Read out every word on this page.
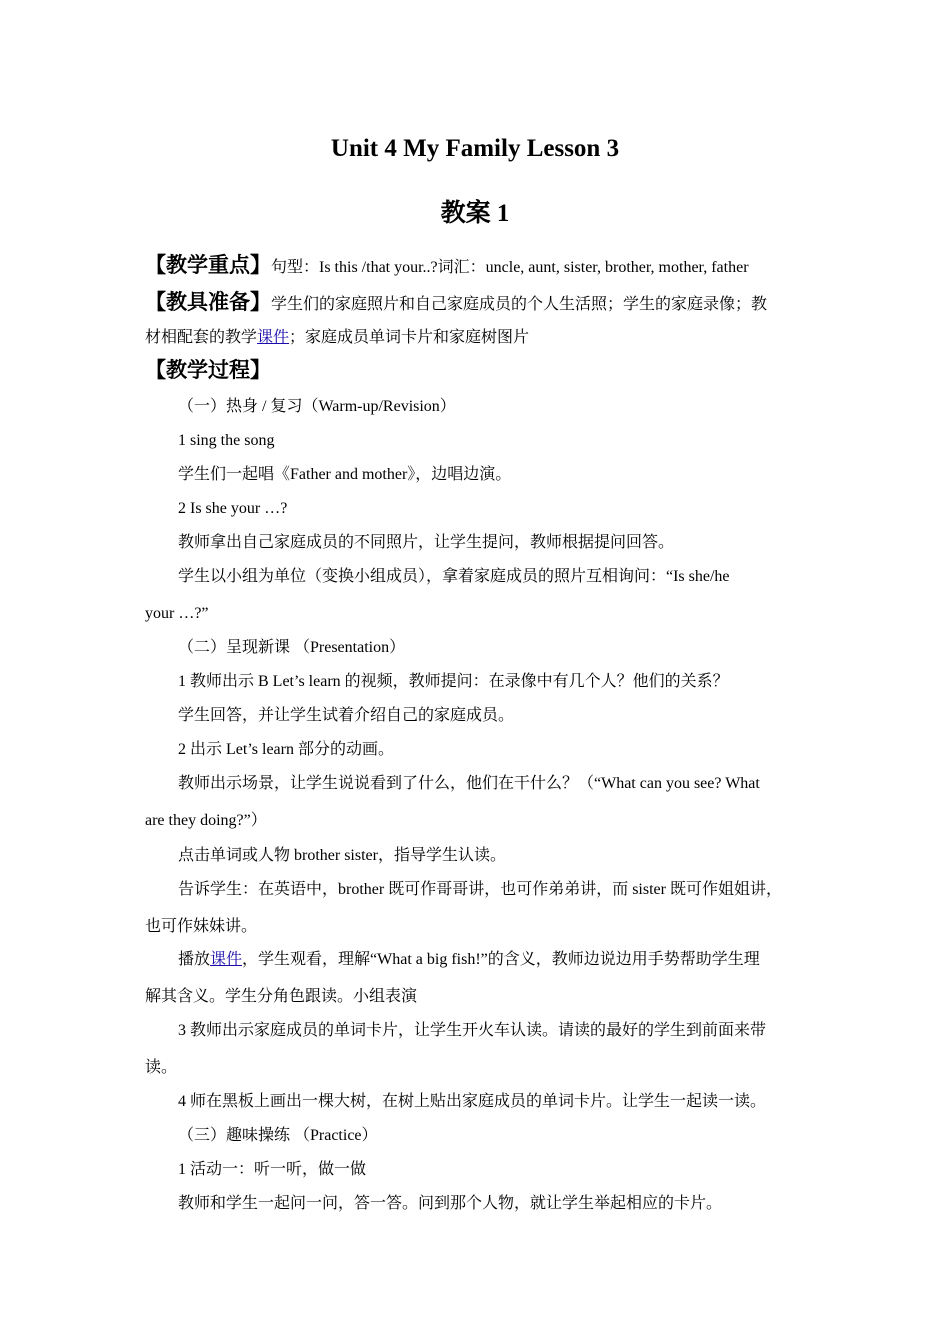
Unit 4 My Family Lesson 3
教案 1

【教学重点】句型：Is this /that your..?词汇：uncle, aunt, sister, brother, mother, father

【教具准备】学生们的家庭照片和自己家庭成员的个人生活照；学生的家庭录像；教

材相配套的教学课件；家庭成员单词卡片和家庭树图片

【教学过程】

（一）热身 / 复习（Warm-up/Revision）

1 sing the song

学生们一起唱《Father and mother》，边唱边演。

2 Is she your …?

教师拿出自己家庭成员的不同照片，让学生提问，教师根据提问回答。

学生以小组为单位（变换小组成员），拿着家庭成员的照片互相询问：“Is she/he

your …?”

（二）呈现新课 （Presentation）

1 教师出示 B Let’s learn 的视频，教师提问：在录像中有几个人？他们的关系？

学生回答，并让学生试着介绍自己的家庭成员。

2 出示 Let’s learn 部分的动画。

教师出示场景，让学生说说看到了什么，他们在干什么？（“What can you see? What

are they doing?”）

点击单词或人物 brother sister，指导学生认读。

告诉学生：在英语中，brother 既可作哥哥讲，也可作弟弟讲，而 sister 既可作姐姐讲，

也可作妹妹讲。

播放课件，学生观看，理解“What a big fish!”的含义，教师边说边用手势帮助学生理

解其含义。学生分角色跟读。小组表演

3 教师出示家庭成员的单词卡片，让学生开火车认读。请读的最好的学生到前面来带

读。

4 师在黑板上画出一棵大树，在树上贴出家庭成员的单词卡片。让学生一起读一读。

（三）趣味操练 （Practice）

1 活动一：听一听，做一做

教师和学生一起问一问，答一答。问到那个人物，就让学生举起相应的卡片。
